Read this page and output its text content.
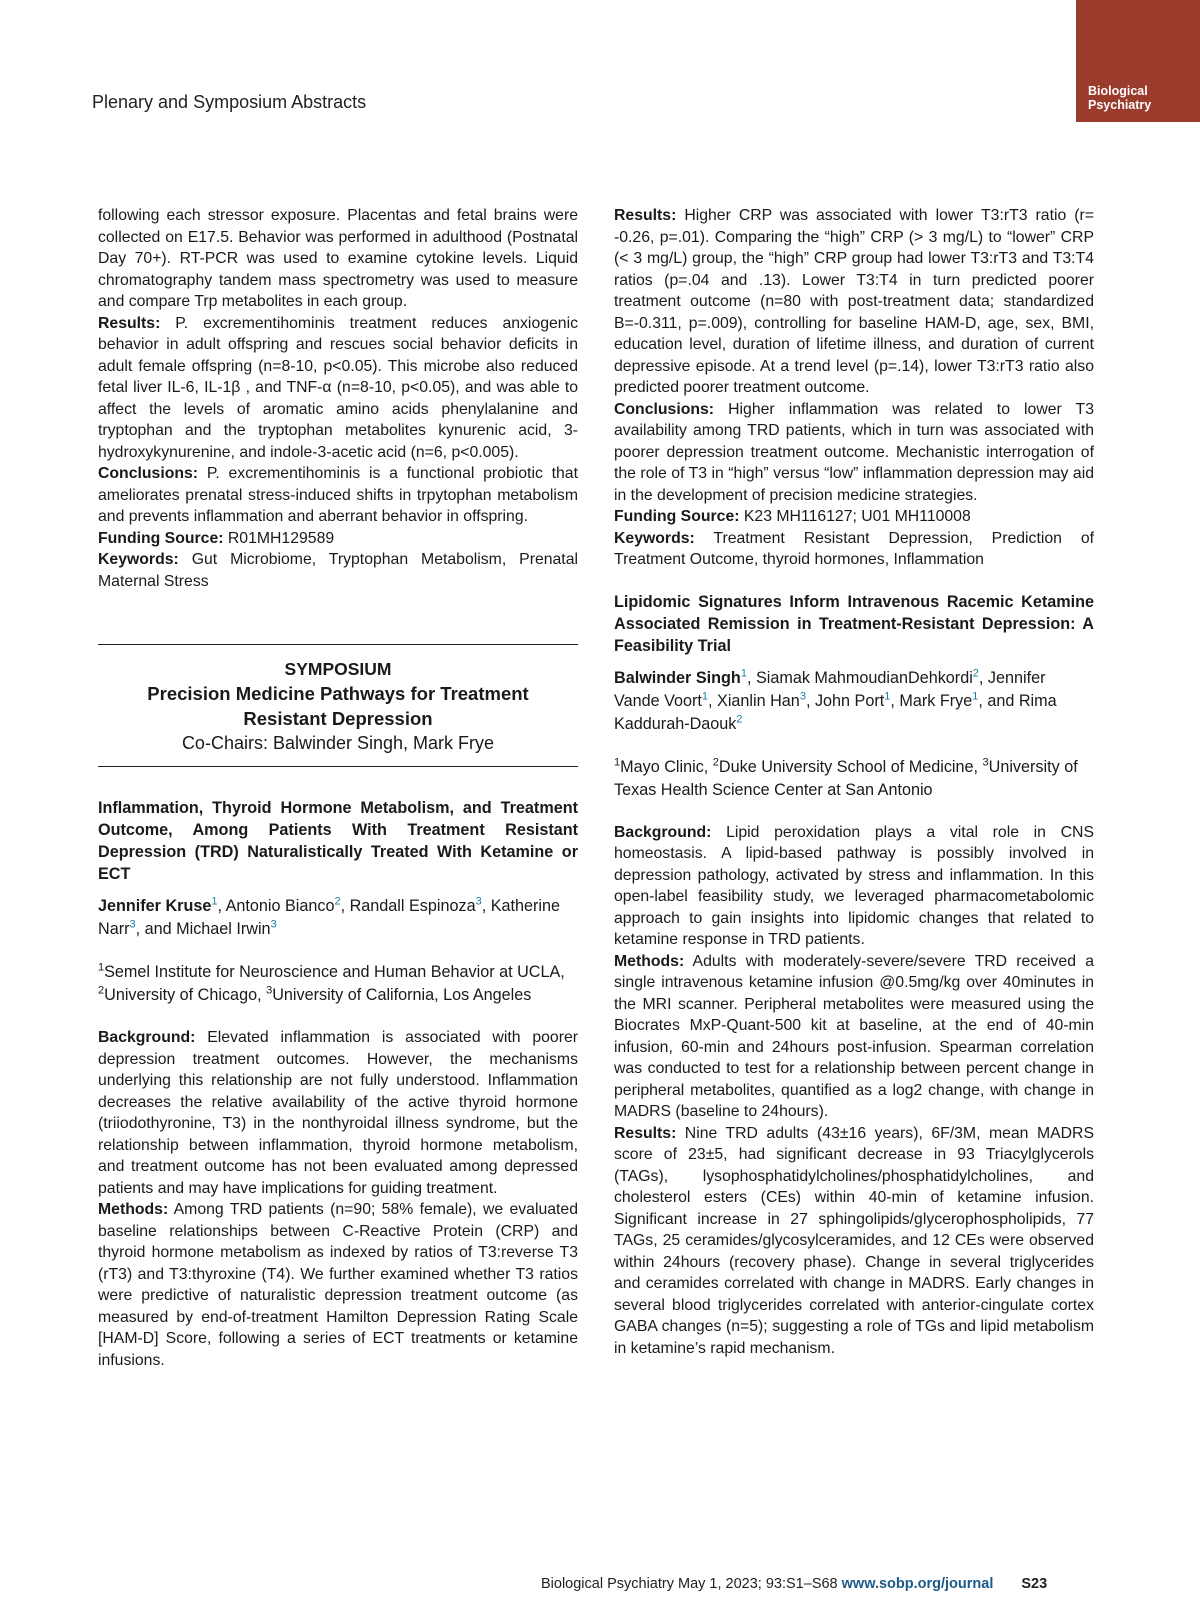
Biological
Psychiatry
Plenary and Symposium Abstracts

following each stressor exposure. Placentas and fetal brains were collected on E17.5. Behavior was performed in adulthood (Postnatal Day 70+). RT-PCR was used to examine cytokine levels. Liquid chromatography tandem mass spectrometry was used to measure and compare Trp metabolites in each group.

Results: P. excrementihominis treatment reduces anxiogenic behavior in adult offspring and rescues social behavior deficits in adult female offspring (n=8-10, p<0.05). This microbe also reduced fetal liver IL-6, IL-1β , and TNF-α (n=8-10, p<0.05), and was able to affect the levels of aromatic amino acids phenylalanine and tryptophan and the tryptophan metabolites kynurenic acid, 3-hydroxykynurenine, and indole-3-acetic acid (n=6, p<0.005).

Conclusions: P. excrementihominis is a functional probiotic that ameliorates prenatal stress-induced shifts in trpytophan metabolism and prevents inflammation and aberrant behavior in offspring.

Funding Source: R01MH129589

Keywords: Gut Microbiome, Tryptophan Metabolism, Prenatal Maternal Stress

SYMPOSIUM
Precision Medicine Pathways for Treatment
Resistant Depression
Co-Chairs: Balwinder Singh, Mark Frye

Inflammation, Thyroid Hormone Metabolism, and Treatment Outcome, Among Patients With Treatment Resistant Depression (TRD) Naturalistically Treated With Ketamine or ECT

Jennifer Kruse$^1$, Antonio Bianco$^2$, Randall Espinoza$^3$, Katherine Narr$^3$, and Michael Irwin$^3$

$^1$Semel Institute for Neuroscience and Human Behavior at UCLA, $^2$University of Chicago, $^3$University of California, Los Angeles

Background: Elevated inflammation is associated with poorer depression treatment outcomes. However, the mechanisms underlying this relationship are not fully understood. Inflammation decreases the relative availability of the active thyroid hormone (triiodothyronine, T3) in the nonthyroidal illness syndrome, but the relationship between inflammation, thyroid hormone metabolism, and treatment outcome has not been evaluated among depressed patients and may have implications for guiding treatment.

Methods: Among TRD patients (n=90; 58% female), we evaluated baseline relationships between C-Reactive Protein (CRP) and thyroid hormone metabolism as indexed by ratios of T3:reverse T3 (rT3) and T3:thyroxine (T4). We further examined whether T3 ratios were predictive of naturalistic depression treatment outcome (as measured by end-of-treatment Hamilton Depression Rating Scale [HAM-D] Score, following a series of ECT treatments or ketamine infusions.

Results: Higher CRP was associated with lower T3:rT3 ratio (r= -0.26, p=.01). Comparing the “high” CRP (> 3 mg/L) to “lower” CRP (< 3 mg/L) group, the “high” CRP group had lower T3:rT3 and T3:T4 ratios (p=.04 and .13). Lower T3:T4 in turn predicted poorer treatment outcome (n=80 with post-treatment data; standardized B=-0.311, p=.009), controlling for baseline HAM-D, age, sex, BMI, education level, duration of lifetime illness, and duration of current depressive episode. At a trend level (p=.14), lower T3:rT3 ratio also predicted poorer treatment outcome.

Conclusions: Higher inflammation was related to lower T3 availability among TRD patients, which in turn was associated with poorer depression treatment outcome. Mechanistic interrogation of the role of T3 in “high” versus “low” inflammation depression may aid in the development of precision medicine strategies.

Funding Source: K23 MH116127; U01 MH110008

Keywords: Treatment Resistant Depression, Prediction of Treatment Outcome, thyroid hormones, Inflammation

Lipidomic Signatures Inform Intravenous Racemic Ketamine Associated Remission in Treatment-Resistant Depression: A Feasibility Trial

Balwinder Singh$^1$, Siamak MahmoudianDehkordi$^2$, Jennifer Vande Voort$^1$, Xianlin Han$^3$, John Port$^1$, Mark Frye$^1$, and Rima Kaddurah-Daouk$^2$

$^1$Mayo Clinic, $^2$Duke University School of Medicine, $^3$University of Texas Health Science Center at San Antonio

Background: Lipid peroxidation plays a vital role in CNS homeostasis. A lipid-based pathway is possibly involved in depression pathology, activated by stress and inflammation. In this open-label feasibility study, we leveraged pharmacometabolomic approach to gain insights into lipidomic changes that related to ketamine response in TRD patients.

Methods: Adults with moderately-severe/severe TRD received a single intravenous ketamine infusion @0.5mg/kg over 40minutes in the MRI scanner. Peripheral metabolites were measured using the Biocrates MxP-Quant-500 kit at baseline, at the end of 40-min infusion, 60-min and 24hours post-infusion. Spearman correlation was conducted to test for a relationship between percent change in peripheral metabolites, quantified as a log2 change, with change in MADRS (baseline to 24hours).

Results: Nine TRD adults (43±16 years), 6F/3M, mean MADRS score of 23±5, had significant decrease in 93 Triacylglycerols (TAGs), lysophosphatidylcholines/phosphatidylcholines, and cholesterol esters (CEs) within 40-min of ketamine infusion. Significant increase in 27 sphingolipids/glycerophospholipids, 77 TAGs, 25 ceramides/glycosylceramides, and 12 CEs were observed within 24hours (recovery phase). Change in several triglycerides and ceramides correlated with change in MADRS. Early changes in several blood triglycerides correlated with anterior-cingulate cortex GABA changes (n=5); suggesting a role of TGs and lipid metabolism in ketamine’s rapid mechanism.

Biological Psychiatry May 1, 2023; 93:S1–S68 www.sobp.org/journal S23
